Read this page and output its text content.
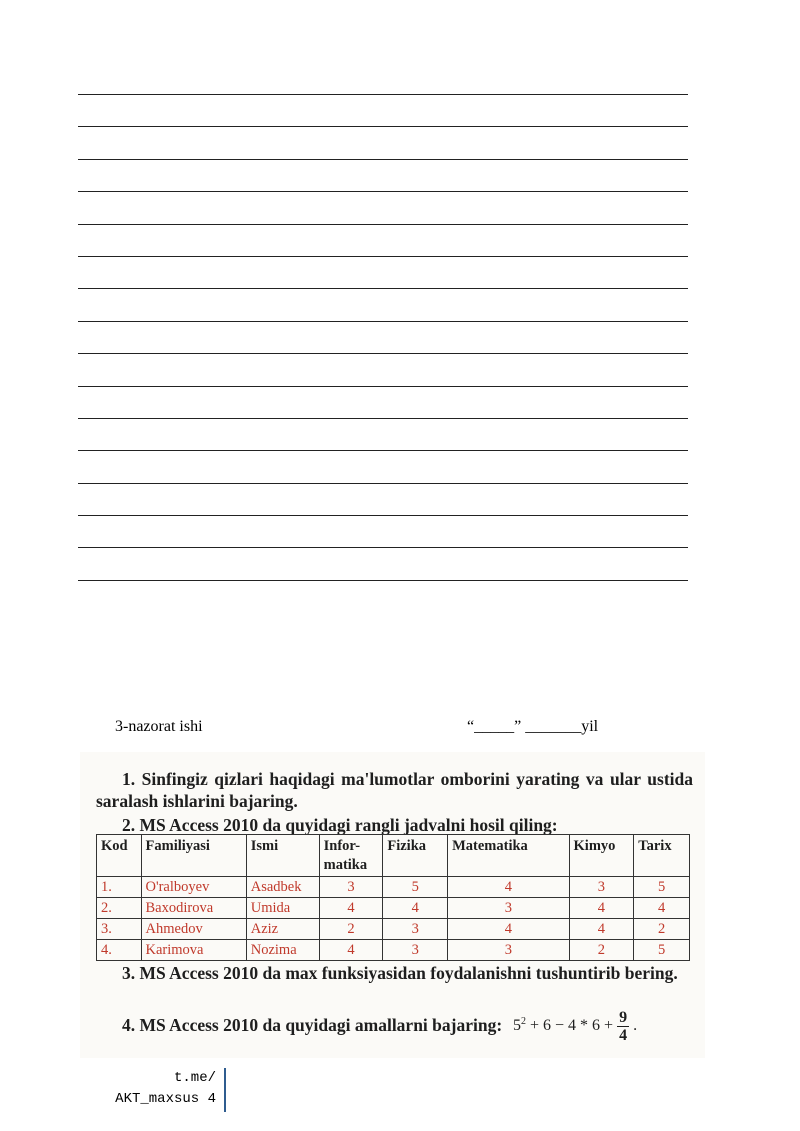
3-nazorat ishi	“_____” _______yil

1. Sinfingiz qizlari haqidagi ma'lumotlar omborini yarating va ular ustida saralash ishlarini bajaring.

2. MS Access 2010 da quyidagi rangli jadvalni hosil qiling:

Kod	Familiyasi	Ismi	Infor-matika	Fizika	Matematika	Kimyo	Tarix
1.	O'ralboyev	Asadbek	3	5	4	3	5
2.	Baxodirova	Umida	4	4	3	4	4
3.	Ahmedov	Aziz	2	3	4	4	2
4.	Karimova	Nozima	4	3	3	2	5

3. MS Access 2010 da max funksiyasidan foydalanishni tushuntirib bering.

4. MS Access 2010 da quyidagi amallarni bajaring: $5^2 + 6 - 4 * 6 + \frac{9}{4}$ .
t.me/
AKT_maxsus 4
